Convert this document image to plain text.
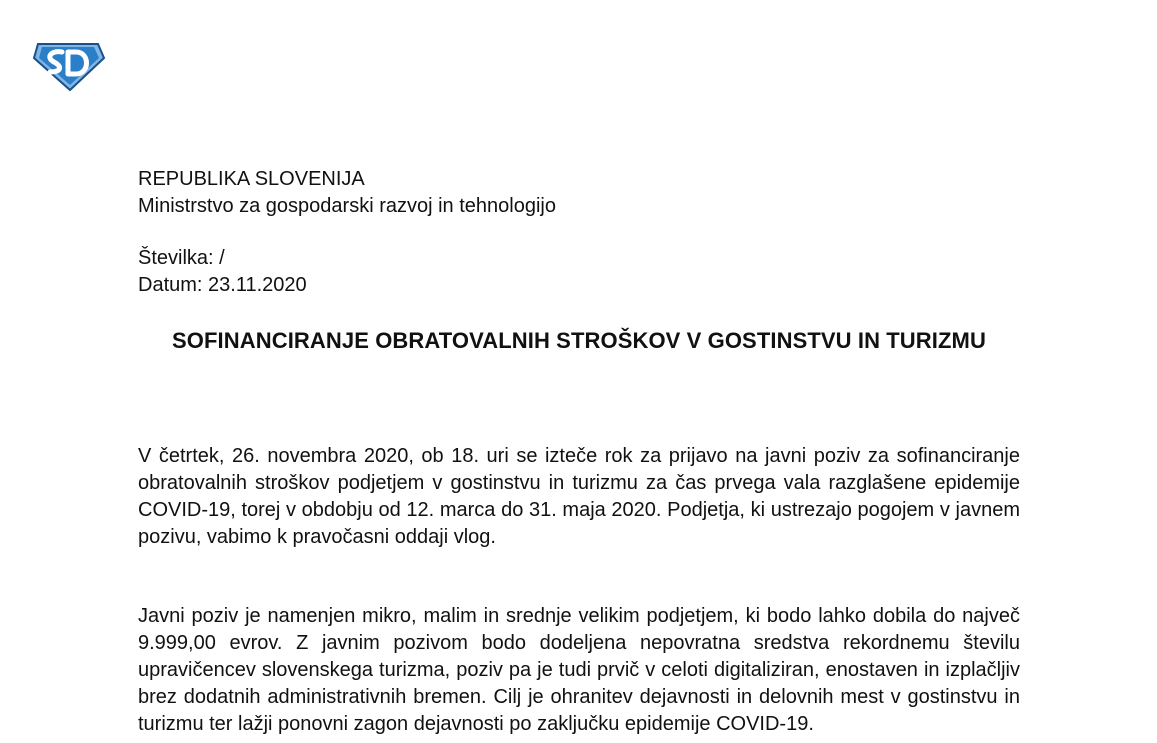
REPUBLIKA SLOVENIJA
Ministrstvo za gospodarski razvoj in tehnologijo
Številka: /
Datum: 23.11.2020
SOFINANCIRANJE OBRATOVALNIH STROŠKOV V GOSTINSTVU IN TURIZMU

V četrtek, 26. novembra 2020, ob 18. uri se izteče rok za prijavo na javni poziv za sofinanciranje obratovalnih stroškov podjetjem v gostinstvu in turizmu za čas prvega vala razglašene epidemije COVID-19, torej v obdobju od 12. marca do 31. maja 2020. Podjetja, ki ustrezajo pogojem v javnem pozivu, vabimo k pravočasni oddaji vlog.

Javni poziv je namenjen mikro, malim in srednje velikim podjetjem, ki bodo lahko dobila do največ 9.999,00 evrov. Z javnim pozivom bodo dodeljena nepovratna sredstva rekordnemu številu upravičencev slovenskega turizma, poziv pa je tudi prvič v celoti digitaliziran, enostaven in izplačljiv brez dodatnih administrativnih bremen. Cilj je ohranitev dejavnosti in delovnih mest v gostinstvu in turizmu ter lažji ponovni zagon dejavnosti po zaključku epidemije COVID-19.
